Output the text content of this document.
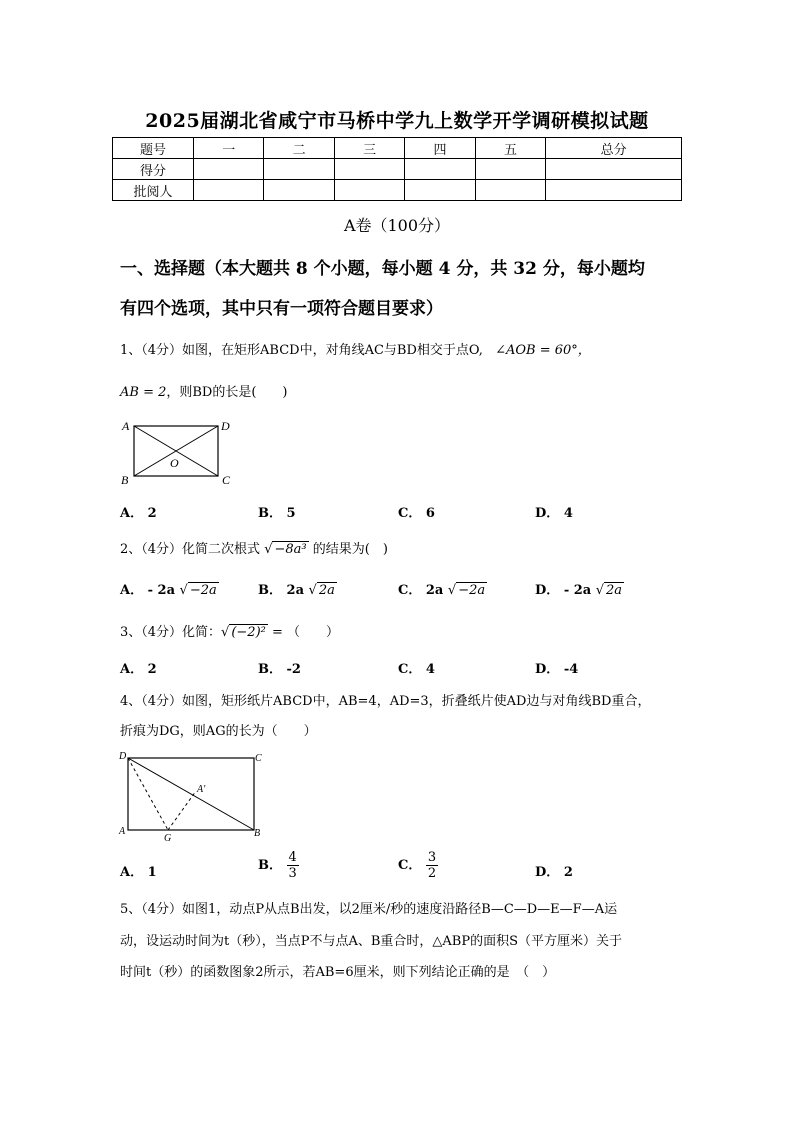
2025届湖北省咸宁市马桥中学九上数学开学调研模拟试题
题号	一	二	三	四	五	总分
得分						
批阅人						
A卷（100分）
一、选择题（本大题共 8 个小题，每小题 4 分，共 32 分，每小题均
有四个选项，其中只有一项符合题目要求）
1、（4分）如图，在矩形ABCD中，对角线AC与BD相交于点O, ∠AOB = 60°，
AB = 2，则BD的长是(　　)
A	D
B	C
O
A． 2	B． 5	C． 6	D． 4
2、（4分）化简二次根式 √ −8a³ 的结果为(　)
A． - 2a √ −2a	B． 2a √ 2a	C． 2a √ −2a	D． - 2a √ 2a
3、（4分）化简：√ (−2)² = （　　）
A． 2	B． -2	C． 4	D． -4
4、（4分）如图，矩形纸片ABCD中，AB=4，AD=3，折叠纸片使AD边与对角线BD重合，
折痕为DG，则AG的长为（　　）
D	C
A'
A
G	B
A． 1	B． $\frac{4}{3}$	C． $\frac{3}{2}$	D． 2
5、（4分）如图1，动点P从点B出发，以2厘米/秒的速度沿路径B—C—D—E—F—A运
动，设运动时间为t（秒），当点P不与点A、B重合时，△ABP的面积S（平方厘米）关于
时间t（秒）的函数图象2所示，若AB=6厘米，则下列结论正确的是　（　）
